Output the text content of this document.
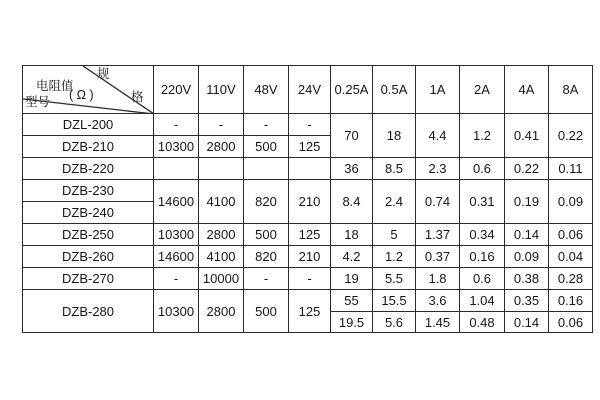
规
格
电阻值
( Ω )
型号	220V	110V	48V	24V	0.25A	0.5A	1A	2A	4A	8A
DZL-200	-	-	-	-	70	18	4.4	1.2	0.41	0.22
DZB-210	10300	2800	500	125						
DZB-220					36	8.5	2.3	0.6	0.22	0.11
DZB-230	14600	4100	820	210	8.4	2.4	0.74	0.31	0.19	0.09
DZB-240										
DZB-250	10300	2800	500	125	18	5	1.37	0.34	0.14	0.06
DZB-260	14600	4100	820	210	4.2	1.2	0.37	0.16	0.09	0.04
DZB-270	-	10000	-	-	19	5.5	1.8	0.6	0.38	0.28
DZB-280	10300	2800	500	125	55	15.5	3.6	1.04	0.35	0.16
					19.5	5.6	1.45	0.48	0.14	0.06
